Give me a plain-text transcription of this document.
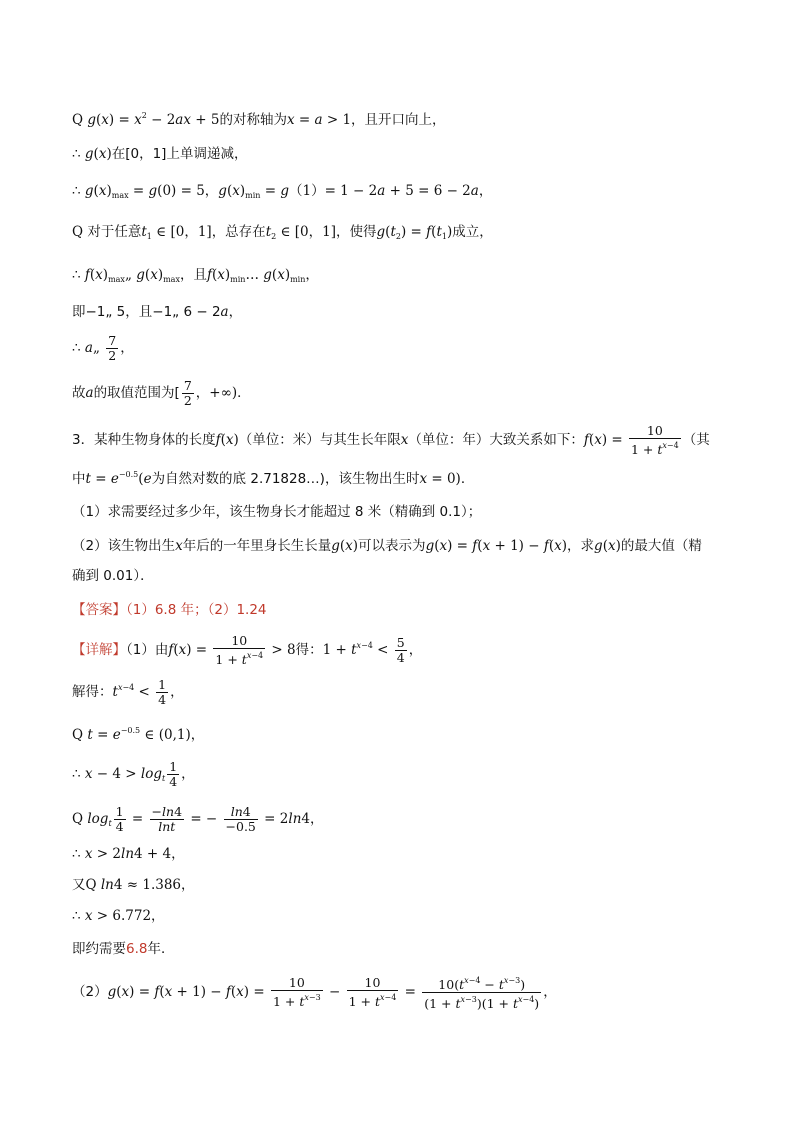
Q $g(x) = x^2 - 2ax + 5$的对称轴为x = a > 1，且开口向上，
∴ g(x)在[0，1]上单调递减，
∴ $g(x)_{max} = g(0) = 5$，$g(x)_{min} = g(1)= 1 - 2a + 5 = 6 - 2a$，
Q 对于任意$t_1$ ∈ [0，1]，总存在$t_2$ ∈ [0，1]，使得$g(t_2) = f(t_1)$成立，
∴ $f(x)_{max}„$ $g(x)_{max}$，且$f(x)_{min}\dots$ $g(x)_{min}$，
即−1„ 5，且−1„ 6 − 2a，
∴ a„ $\frac{7}{2}$ ，
故a的取值范围为[ $\frac{7}{2}$ ，+∞)．
3．某种生物身体的长度f(x)（单位：米）与其生长年限x（单位：年）大致关系如下：$f(x) = \frac{10}{1 + t^{x-4}}$ （其
中$t = e^{-0.5}(e$为自然对数的底 2.71828…)，该生物出生时x = 0)．
（1）求需要经过多少年，该生物身长才能超过 8 米（精确到 0.1）；
（2）该生物出生x年后的一年里身长生长量g(x)可以表示为g(x) = f(x + 1) − f(x)，求g(x)的最大值（精
确到 0.01）．
【答案】（1）6.8 年；（2）1.24
【详解】（1）由$f(x) = \frac{10}{1 + t^{x-4}} > 8$得：$1 + t^{x-4} < \frac{5}{4}$ ，
解得：$t^{x-4} < \frac{1}{4}$ ，
Q $t = e^{-0.5}$ ∈ (0,1)，
∴ $x - 4 > \log_t \frac{1}{4}$ ，
Q $\log_t \frac{1}{4} = \frac{-\ln 4}{\ln t}$ = − $\frac{\ln 4}{-0.5} = 2\ln 4$，
∴ x > 2ln4 + 4，
又Q ln4 ≈ 1.386，
∴ x > 6.772，
即约需要6.8年．
$(2)g(x) = f(x + 1) - f(x) = \frac{10}{1 + t^{x-3}} - \frac{10}{1 + t^{x-4}} = \frac{10(t^{x-4} - t^{x-3})}{(1 + t^{x-3})(1 + t^{x-4})}$ ，
